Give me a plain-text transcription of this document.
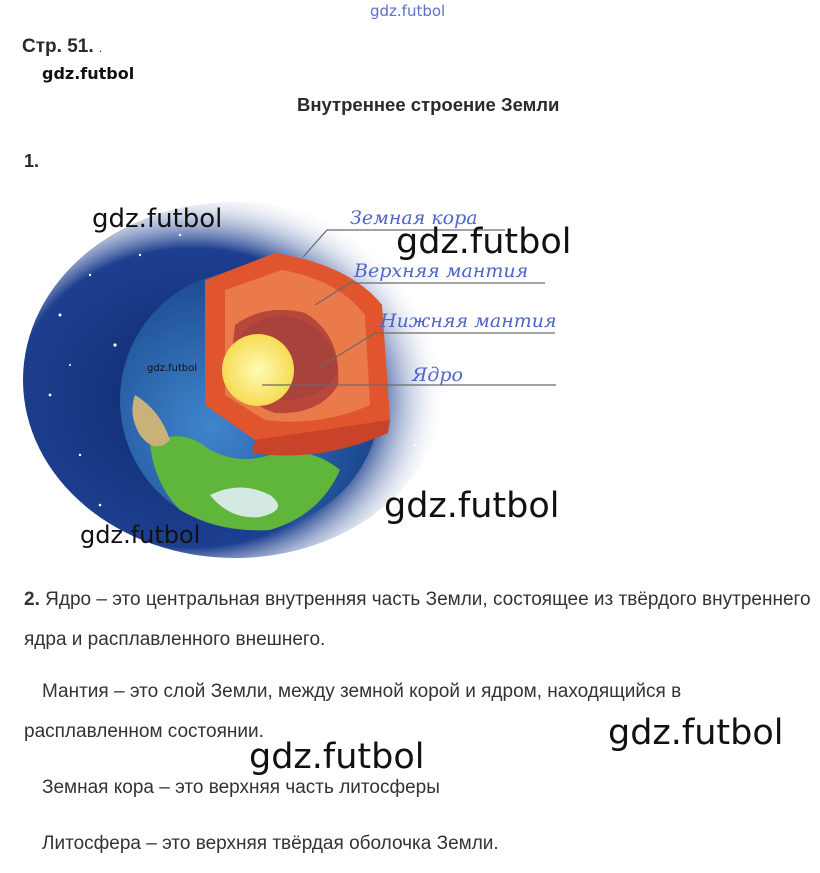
gdz.futbol
Стр. 51. .
gdz.futbol
Внутреннее строение Земли
1.
Земная кора
Верхняя мантия
Нижняя мантия
Ядро
gdz.futbol
gdz.futbol
gdz.futbol
gdz.futbol
gdz.futbol
2. Ядро – это центральная внутренняя часть Земли, состоящее из твёрдого внутреннего ядра и расплавленного внешнего.
Мантия – это слой Земли, между земной корой и ядром, находящийся в расплавленном состоянии.
Земная кора – это верхняя часть литосферы
Литосфера – это верхняя твёрдая оболочка Земли.
gdz.futbol
gdz.futbol
